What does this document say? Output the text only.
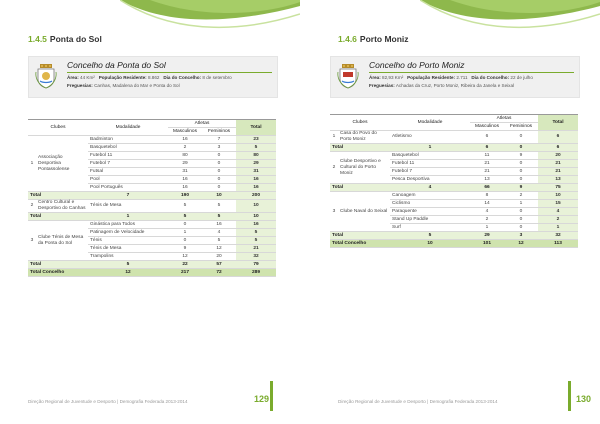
1.4.5 Ponta do Sol
Concelho da Ponta do Sol
Área: 44 Km² População Residente: 8.862 Dia do Concelho: 8 de setembro
Freguesias: Canhas, Madalena do Mar e Ponta do Sol
Clubes		Modalidade	Atletas		Total
			Masculinos	Femininos	
1	Associação Desportiva Pontassolense	Badminton	16	7	23
		Basquetebol	2	3	5
		Futebol 11	80	0	80
		Futebol 7	29	0	29
		Futsal	31	0	31
		Pool	16	0	16
		Pool Português	16	0	16
Total		7	190	10	200
2	Centro Cultural e Desportivo do Canhas	Ténis de Mesa	5	5	10
Total		1	5	5	10
3	Clube Ténis de Mesa da Ponta do Sol	Ginástica para Todos	0	16	16
		Patinagem de Velocidade	1	4	5
		Ténis	0	5	5
		Ténis de Mesa	9	12	21
		Trampolins	12	20	32
Total		5	22	57	79
Total Concelho		12	217	72	289
Direção Regional de Juventude e Desporto | Demografia Federada 2013-2014	129
1.4.6 Porto Moniz
Concelho do Porto Moniz
Área: 82,93 Km² População Residente: 2.711 Dia do Concelho: 22 de julho
Freguesias: Achadas da Cruz, Porto Moniz, Ribeira da Janela e Seixal
Clubes		Modalidade	Atletas		Total
			Masculinos	Femininos	
1	Casa do Povo do Porto Moniz	Atletismo	6	0	6
Total		1	6	0	6
2	Clube Desportivo e Cultural do Porto Moniz	Basquetebol	11	9	20
		Futebol 11	21	0	21
		Futebol 7	21	0	21
		Pesca Desportiva	13	0	13
Total		4	66	9	75
3	Clube Naval do Seixal	Canoagem	8	2	10
		Ciclismo	14	1	15
		Paraquente	4	0	4
		Stand Up Paddle	2	0	2
		Surf	1	0	1
Total		5	29	3	32
Total Concelho		10	101	12	113
Direção Regional de Juventude e Desporto | Demografia Federada 2013-2014	130
